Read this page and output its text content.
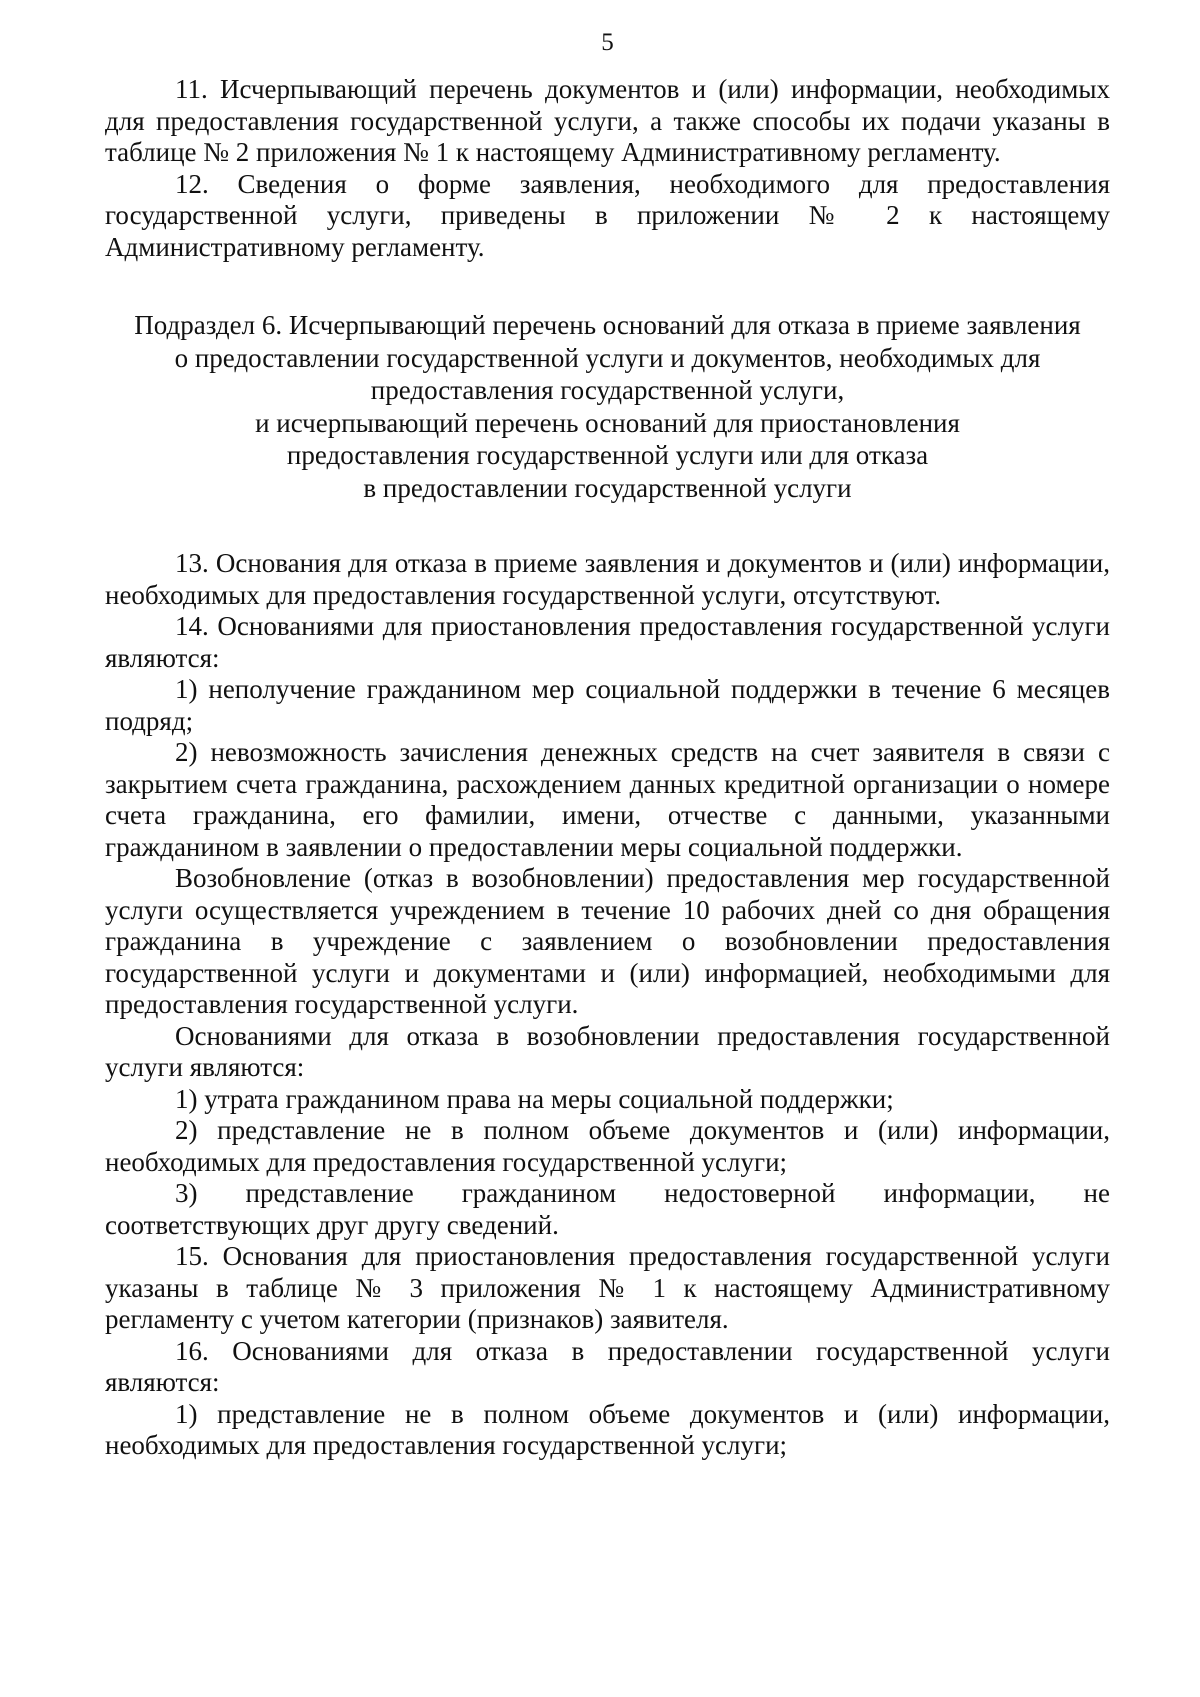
5

11. Исчерпывающий перечень документов и (или) информации, необходимых для предоставления государственной услуги, а также способы их подачи указаны в таблице № 2 приложения № 1 к настоящему Административному регламенту.

12. Сведения о форме заявления, необходимого для предоставления государственной услуги, приведены в приложении № 2 к настоящему Административному регламенту.

Подраздел 6. Исчерпывающий перечень оснований для отказа в приеме заявления
о предоставлении государственной услуги и документов, необходимых для
предоставления государственной услуги,
и исчерпывающий перечень оснований для приостановления
предоставления государственной услуги или для отказа
в предоставлении государственной услуги

13. Основания для отказа в приеме заявления и документов и (или) информации, необходимых для предоставления государственной услуги, отсутствуют.

14. Основаниями для приостановления предоставления государственной услуги являются:

1) неполучение гражданином мер социальной поддержки в течение 6 месяцев подряд;

2) невозможность зачисления денежных средств на счет заявителя в связи с закрытием счета гражданина, расхождением данных кредитной организации о номере счета гражданина, его фамилии, имени, отчестве с данными, указанными гражданином в заявлении о предоставлении меры социальной поддержки.

Возобновление (отказ в возобновлении) предоставления мер государственной услуги осуществляется учреждением в течение 10 рабочих дней со дня обращения гражданина в учреждение с заявлением о возобновлении предоставления государственной услуги и документами и (или) информацией, необходимыми для предоставления государственной услуги.

Основаниями для отказа в возобновлении предоставления государственной услуги являются:

1) утрата гражданином права на меры социальной поддержки;

2) представление не в полном объеме документов и (или) информации, необходимых для предоставления государственной услуги;

3) представление гражданином недостоверной информации, не соответствующих друг другу сведений.

15. Основания для приостановления предоставления государственной услуги указаны в таблице № 3 приложения № 1 к настоящему Административному регламенту с учетом категории (признаков) заявителя.

16. Основаниями для отказа в предоставлении государственной услуги являются:

1) представление не в полном объеме документов и (или) информации, необходимых для предоставления государственной услуги;
